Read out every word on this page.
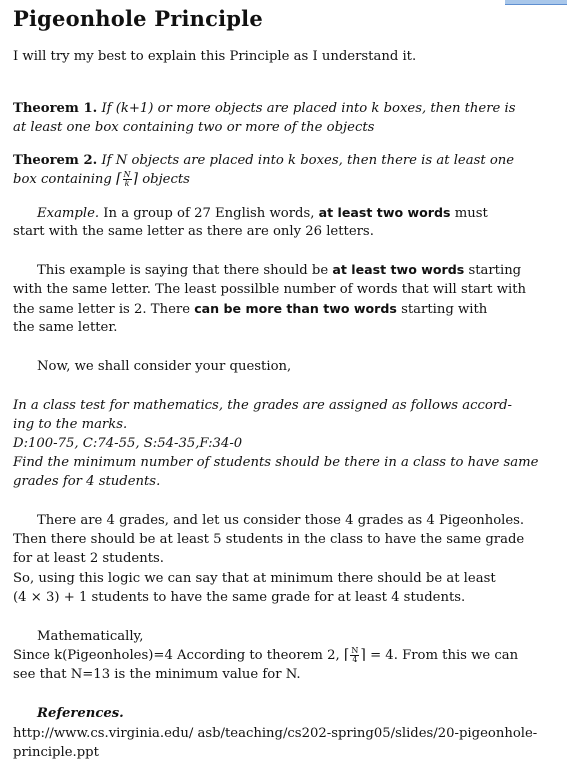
Pigeonhole Principle
I will try my best to explain this Principle as I understand it.
Theorem 1. If (k+1) or more objects are placed into k boxes, then there is
at least one box containing two or more of the objects
Theorem 2. If N objects are placed into k boxes, then there is at least one
box containing ⌈ $\frac{N}{k}$ ⌉ objects
Example. In a group of 27 English words, at least two words must
start with the same letter as there are only 26 letters.
This example is saying that there should be at least two words starting
with the same letter. The least possilble number of words that will start with
the same letter is 2. There can be more than two words starting with
the same letter.
Now, we shall consider your question,
In a class test for mathematics, the grades are assigned as follows accord-
ing to the marks.
D:100-75, C:74-55, S:54-35,F:34-0
Find the minimum number of students should be there in a class to have same
grades for 4 students.
There are 4 grades, and let us consider those 4 grades as 4 Pigeonholes.
Then there should be at least 5 students in the class to have the same grade
for at least 2 students.
So, using this logic we can say that at minimum there should be at least
(4 × 3) + 1 students to have the same grade for at least 4 students.
Mathematically,
Since k(Pigeonholes)=4 According to theorem 2, ⌈ $\frac{N}{4}$ ⌉ = 4. From this we can
see that N=13 is the minimum value for N.
References.
http://www.cs.virginia.edu/ asb/teaching/cs202-spring05/slides/20-pigeonhole-
principle.ppt
